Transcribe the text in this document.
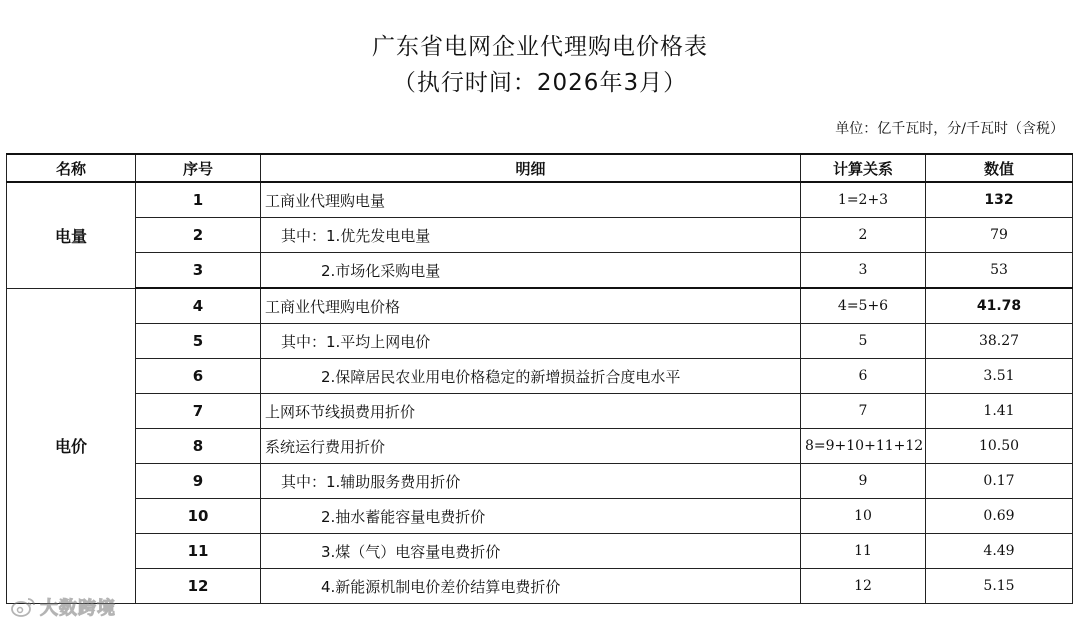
广东省电网企业代理购电价格表
（执行时间：2026年3月）
单位：亿千瓦时，分/千瓦时（含税）
名称	序号	明细	计算关系	数值
电量	1	工商业代理购电量	1=2+3	132
	2	其中：1.优先发电电量	2	79
	3	2.市场化采购电量	3	53
电价	4	工商业代理购电价格	4=5+6	41.78
	5	其中：1.平均上网电价	5	38.27
	6	2.保障居民农业用电价格稳定的新增损益折合度电水平	6	3.51
	7	上网环节线损费用折价	7	1.41
	8	系统运行费用折价	8=9+10+11+12	10.50
	9	其中：1.辅助服务费用折价	9	0.17
	10	2.抽水蓄能容量电费折价	10	0.69
	11	3.煤（气）电容量电费折价	11	4.49
	12	4.新能源机制电价差价结算电费折价	12	5.15
大数跨境
